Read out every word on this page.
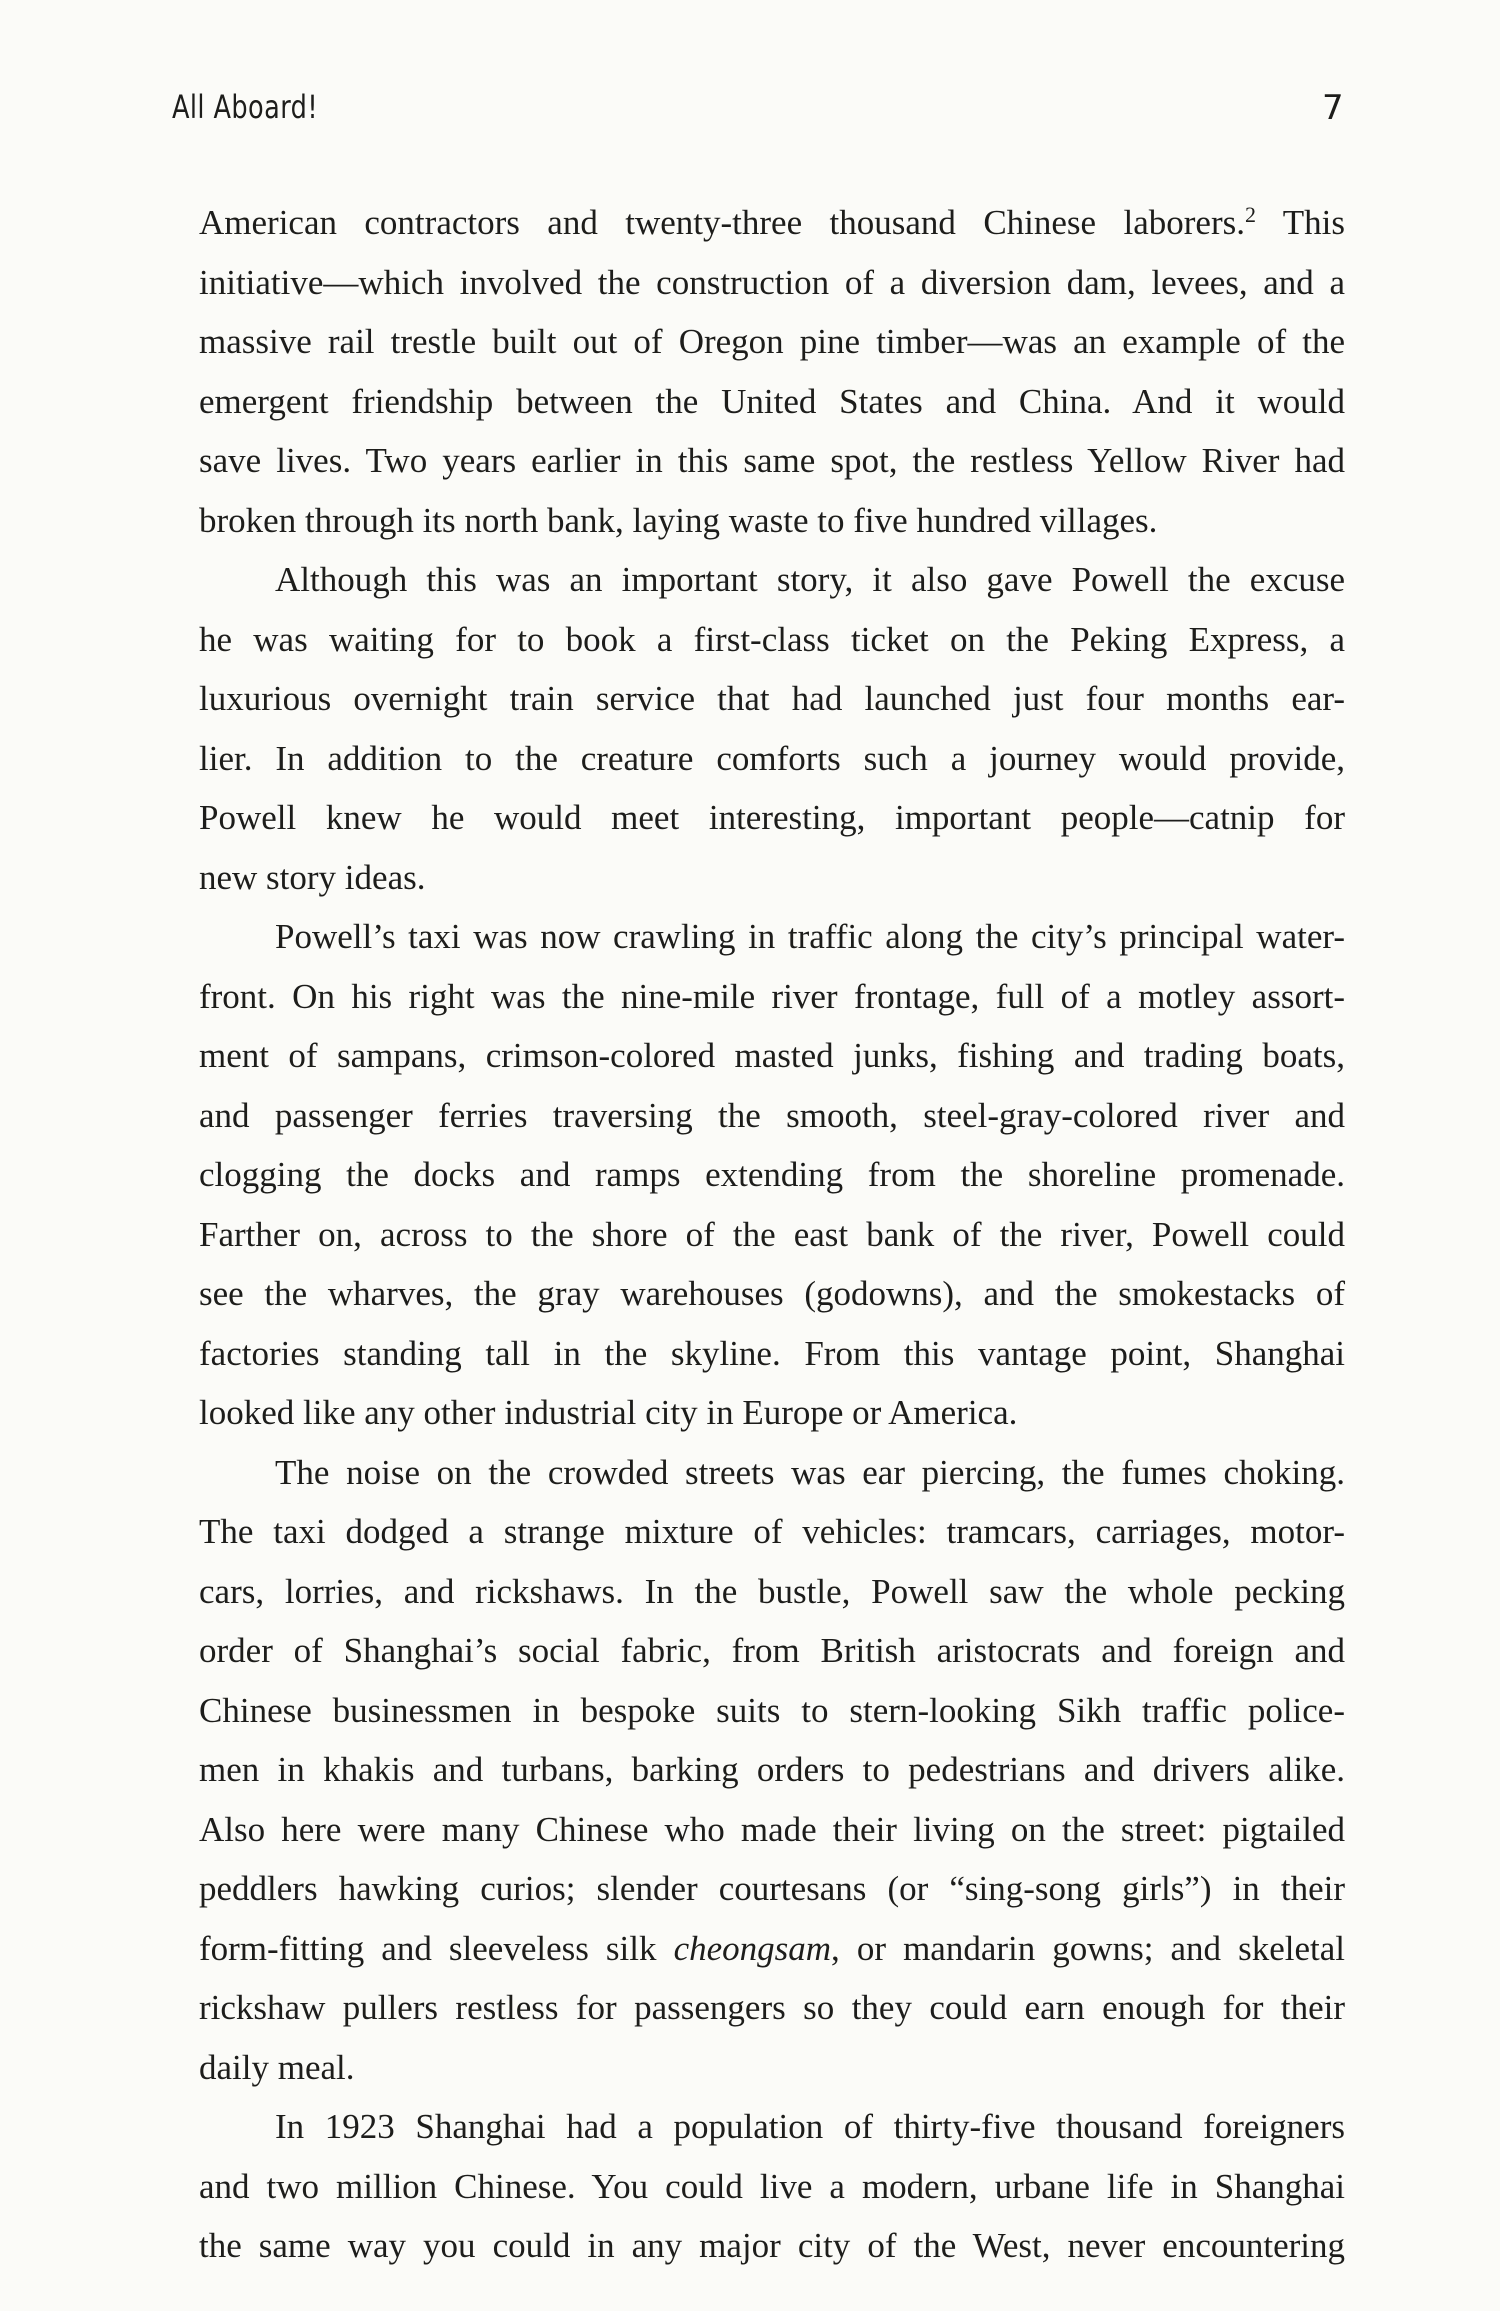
All Aboard!	7

American contractors and twenty-three thousand Chinese laborers.$^2$ This
initiative—which involved the construction of a diversion dam, levees, and a
massive rail trestle built out of Oregon pine timber—was an example of the
emergent friendship between the United States and China. And it would
save lives. Two years earlier in this same spot, the restless Yellow River had
broken through its north bank, laying waste to five hundred villages.

Although this was an important story, it also gave Powell the excuse
he was waiting for to book a first-class ticket on the Peking Express, a
luxurious overnight train service that had launched just four months ear-
lier. In addition to the creature comforts such a journey would provide,
Powell knew he would meet interesting, important people—catnip for
new story ideas.

Powell’s taxi was now crawling in traffic along the city’s principal water-
front. On his right was the nine-mile river frontage, full of a motley assort-
ment of sampans, crimson-colored masted junks, fishing and trading boats,
and passenger ferries traversing the smooth, steel-gray-colored river and
clogging the docks and ramps extending from the shoreline promenade.
Farther on, across to the shore of the east bank of the river, Powell could
see the wharves, the gray warehouses (godowns), and the smokestacks of
factories standing tall in the skyline. From this vantage point, Shanghai
looked like any other industrial city in Europe or America.

The noise on the crowded streets was ear piercing, the fumes choking.
The taxi dodged a strange mixture of vehicles: tramcars, carriages, motor-
cars, lorries, and rickshaws. In the bustle, Powell saw the whole pecking
order of Shanghai’s social fabric, from British aristocrats and foreign and
Chinese businessmen in bespoke suits to stern-looking Sikh traffic police-
men in khakis and turbans, barking orders to pedestrians and drivers alike.
Also here were many Chinese who made their living on the street: pigtailed
peddlers hawking curios; slender courtesans (or “sing-song girls”) in their
form-fitting and sleeveless silk cheongsam, or mandarin gowns; and skeletal
rickshaw pullers restless for passengers so they could earn enough for their
daily meal.

In 1923 Shanghai had a population of thirty-five thousand foreigners
and two million Chinese. You could live a modern, urbane life in Shanghai
the same way you could in any major city of the West, never encountering
